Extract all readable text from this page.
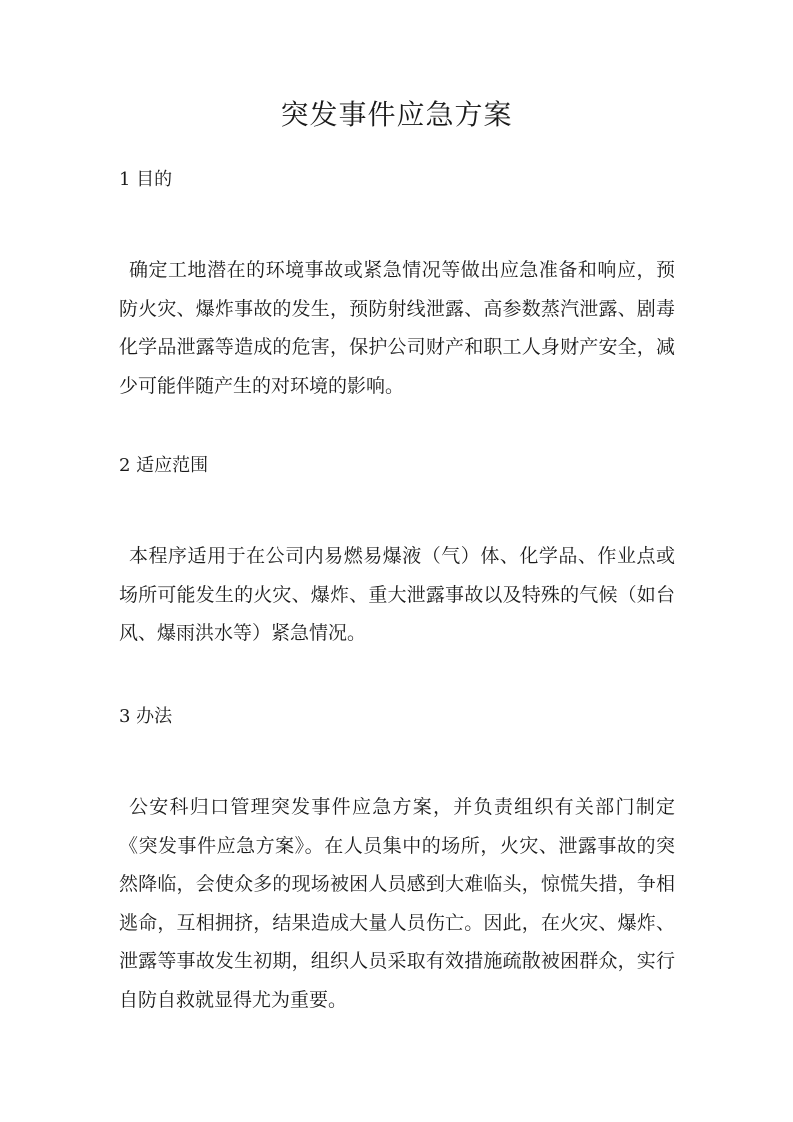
突发事件应急方案

1 目的

确定工地潜在的环境事故或紧急情况等做出应急准备和响应，预防火灾、爆炸事故的发生，预防射线泄露、高参数蒸汽泄露、剧毒化学品泄露等造成的危害，保护公司财产和职工人身财产安全，减少可能伴随产生的对环境的影响。

2 适应范围

本程序适用于在公司内易燃易爆液（气）体、化学品、作业点或场所可能发生的火灾、爆炸、重大泄露事故以及特殊的气候（如台风、爆雨洪水等）紧急情况。

3 办法

公安科归口管理突发事件应急方案，并负责组织有关部门制定《突发事件应急方案》。在人员集中的场所，火灾、泄露事故的突然降临，会使众多的现场被困人员感到大难临头，惊慌失措，争相逃命，互相拥挤，结果造成大量人员伤亡。因此，在火灾、爆炸、泄露等事故发生初期，组织人员采取有效措施疏散被困群众，实行自防自救就显得尤为重要。
